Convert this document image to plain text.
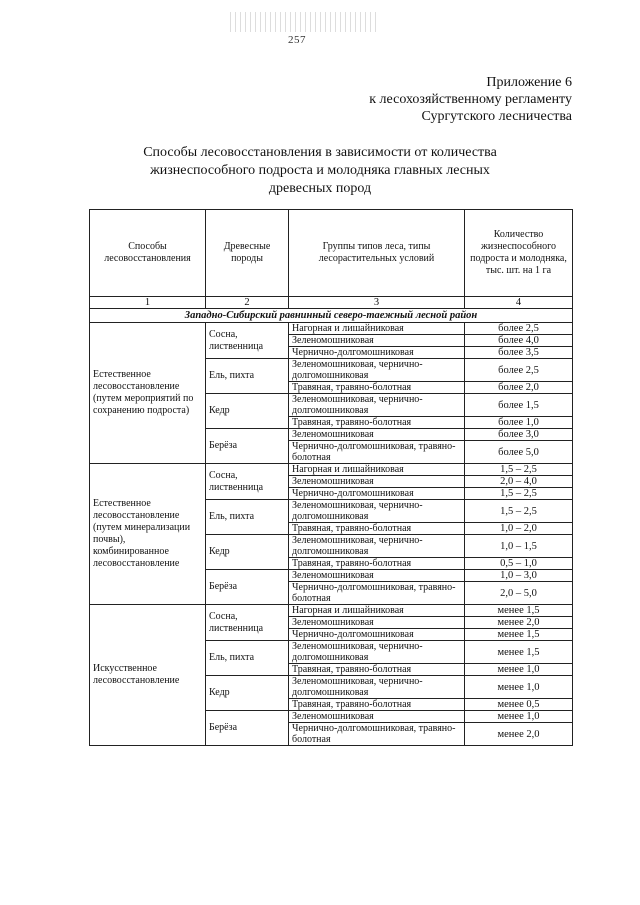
257
Приложение 6
к лесохозяйственному регламенту
Сургутского лесничества
Способы лесовосстановления в зависимости от количества
жизнеспособного подроста и молодняка главных лесных
древесных пород
Способы лесовосстановления	Древесные породы	Группы типов леса, типы лесорастительных условий	Количество жизнеспособного подроста и молодняка, тыс. шт. на 1 га
1	2	3	4
Западно-Сибирский равнинный северо-таежный лесной район			
Естественное лесовосстановление (путем мероприятий по сохранению подроста)	Сосна, лиственница	Нагорная и лишайниковая	более 2,5
		Зеленомошниковая	более 4,0
		Чернично-долгомошниковая	более 3,5
	Ель, пихта	Зеленомошниковая, чернично-долгомошниковая	более 2,5
		Травяная, травяно-болотная	более 2,0
	Кедр	Зеленомошниковая, чернично-долгомошниковая	более 1,5
		Травяная, травяно-болотная	более 1,0
	Берёза	Зеленомошниковая	более 3,0
		Чернично-долгомошниковая, травяно-болотная	более 5,0
Естественное лесовосстановление (путем минерализации почвы), комбинированное лесовосстановление	Сосна, лиственница	Нагорная и лишайниковая	1,5 – 2,5
		Зеленомошниковая	2,0 – 4,0
		Чернично-долгомошниковая	1,5 – 2,5
	Ель, пихта	Зеленомошниковая, чернично-долгомошниковая	1,5 – 2,5
		Травяная, травяно-болотная	1,0 – 2,0
	Кедр	Зеленомошниковая, чернично-долгомошниковая	1,0 – 1,5
		Травяная, травяно-болотная	0,5 – 1,0
	Берёза	Зеленомошниковая	1,0 – 3,0
		Чернично-долгомошниковая, травяно-болотная	2,0 – 5,0
Искусственное лесовосстановление	Сосна, лиственница	Нагорная и лишайниковая	менее 1,5
		Зеленомошниковая	менее 2,0
		Чернично-долгомошниковая	менее 1,5
	Ель, пихта	Зеленомошниковая, чернично-долгомошниковая	менее 1,5
		Травяная, травяно-болотная	менее 1,0
	Кедр	Зеленомошниковая, чернично-долгомошниковая	менее 1,0
		Травяная, травяно-болотная	менее 0,5
	Берёза	Зеленомошниковая	менее 1,0
		Чернично-долгомошниковая, травяно-болотная	менее 2,0
